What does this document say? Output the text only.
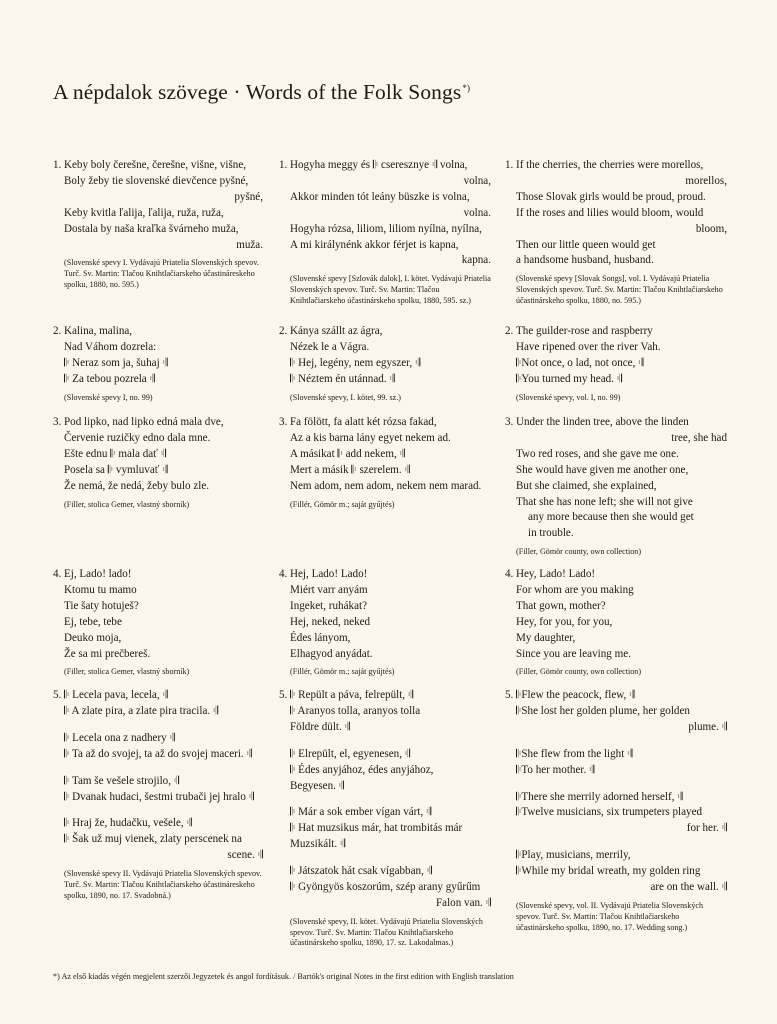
A népdalok szövege · Words of the Folk Songs*)
1. Keby boly čerešne, čerešne, višne, višne,
Boly žeby tie slovenské dievčence pyšné,
pyšné,
Keby kvitla ľalija, ľalija, ruža, ruža,
Dostala by naša kraľka švárneho muža,
muža.
(Slovenské spevy I. Vydávajú Priatelia Slovenských spevov. Turč. Sv. Martin: Tlačou Knihtlačiarskeho účastináreskeho spolku, 1880, no. 595.)
1. Hogyha meggy és 𝄆 cseresznye 𝄇 volna,
volna,
Akkor minden tót leány büszke is volna,
volna.
Hogyha rózsa, liliom, liliom nyílna, nyílna,
A mi királynénk akkor férjet is kapna,
kapna.
(Slovenské spevy [Szlovák dalok], I. kötet. Vydávajú Priatelia Slovenských spevov. Turč. Sv. Martin: Tlačou Knihtlačiarskeho účastinárskeho spolku, 1880, 595. sz.)
1. If the cherries, the cherries were morellos,
morellos,
Those Slovak girls would be proud, proud.
If the roses and lilies would bloom, would
bloom,
Then our little queen would get
a handsome husband, husband.
(Slovenské spevy [Slovak Songs], vol. I. Vydávajú Priatelia Slovenských spevov. Turč. Sv. Martin: Tlačou Knihtlačiarskeho účastinárskeho spolku, 1880, no. 595.)
2. Kalina, malina,
Nad Váhom dozrela:
𝄆 Neraz som ja, šuhaj 𝄇
𝄆 Za tebou pozrela 𝄇
(Slovenské spevy I, no. 99)
2. Kánya szállt az ágra,
Nézek le a Vágra.
𝄆 Hej, legény, nem egyszer, 𝄇
𝄆 Néztem én utánnad. 𝄇
(Slovenské spevy, I. kötet, 99. sz.)
2. The guilder-rose and raspberry
Have ripened over the river Vah.
𝄆Not once, o lad, not once, 𝄇
𝄆You turned my head. 𝄇
(Slovenské spevy, vol. I, no. 99)
3. Pod lipko, nad lipko edná mala dve,
Červenie ruzičky edno dala mne.
Ešte ednu 𝄆 mala dať 𝄇
Posela sa 𝄆 vymluvať 𝄇
Že nemá, že nedá, žeby bulo zle.
(Filler, stolica Gemer, vlastný sborník)
3. Fa fölött, fa alatt két rózsa fakad,
Az a kis barna lány egyet nekem ad.
A másikat 𝄆 add nekem, 𝄇
Mert a másik 𝄆 szerelem. 𝄇
Nem adom, nem adom, nekem nem marad.
(Fillér, Gömör m.; saját gyűjtés)
3. Under the linden tree, above the linden
tree, she had
Two red roses, and she gave me one.
She would have given me another one,
But she claimed, she explained,
That she has none left; she will not give
any more because then she would get
in trouble.
(Filler, Gömör county, own collection)
4. Ej, Lado! lado!
Ktomu tu mamo
Tie šaty hotuješ?
Ej, tebe, tebe
Deuko moja,
Že sa mi prečbereš.
(Filler, stolica Gemer, vlastný sborník)
4. Hej, Lado! Lado!
Miért varr anyám
Ingeket, ruhákat?
Hej, neked, neked
Édes lányom,
Elhagyod anyádat.
(Fillér, Gömör m.; saját gyűjtés)
4. Hey, Lado! Lado!
For whom are you making
That gown, mother?
Hey, for you, for you,
My daughter,
Since you are leaving me.
(Filler, Gömör county, own collection)
5. 𝄆 Lecela pava, lecela, 𝄇
𝄆 A zlate pira, a zlate pira tracila. 𝄇
𝄆 Lecela ona z nadhery 𝄇
𝄆 Ta až do svojej, ta až do svojej maceri. 𝄇
𝄆 Tam še vešele strojilo, 𝄇
𝄆 Dvanak hudaci, šestmi trubači jej hralo 𝄇
𝄆 Hraj že, hudačku, vešele, 𝄇
𝄆 Šak už muj vienek, zlaty perscenek na
scene. 𝄇
(Slovenské spevy II. Vydávajú Priatelia Slovenských spevov. Turč. Sv. Martin: Tlačou Knihtlačiarskeho účastináreskeho spolku, 1890, no. 17. Svadobná.)
5. 𝄆 Repült a páva, felrepült, 𝄇
𝄆 Aranyos tolla, aranyos tolla
Földre dült. 𝄇
𝄆 Elrepült, el, egyenesen, 𝄇
𝄆 Édes anyjához, édes anyjához,
Begyesen. 𝄇
𝄆 Már a sok ember vígan várt, 𝄇
𝄆 Hat muzsikus már, hat trombitás már
Muzsikált. 𝄇
𝄆 Játszatok hát csak vígabban, 𝄇
𝄆 Gyöngyös koszorúm, szép arany gyűrűm
Falon van. 𝄇
(Slovenské spevy, II. kötet. Vydávajú Priatelia Slovenských spevov. Turč. Sv. Martin: Tlačou Knihtlačiarskeho účastinárskeho spolku, 1890, 17. sz. Lakodalmas.)
5. 𝄆Flew the peacock, flew, 𝄇
𝄆She lost her golden plume, her golden
plume. 𝄇
𝄆She flew from the light 𝄇
𝄆To her mother. 𝄇
𝄆There she merrily adorned herself, 𝄇
𝄆Twelve musicians, six trumpeters played
for her. 𝄇
𝄆Play, musicians, merrily,
𝄆While my bridal wreath, my golden ring
are on the wall. 𝄇
(Slovenské spevy, vol. II. Vydávajú Priatelia Slovenských spevov. Turč. Sv. Martin: Tlačou Knihtlačiarskeho účastinárskeho spolku, 1890, no. 17. Wedding song.)
*) Az első kiadás végén megjelent szerzői Jegyzetek és angol fordításuk. / Bartók's original Notes in the first edition with English translation
